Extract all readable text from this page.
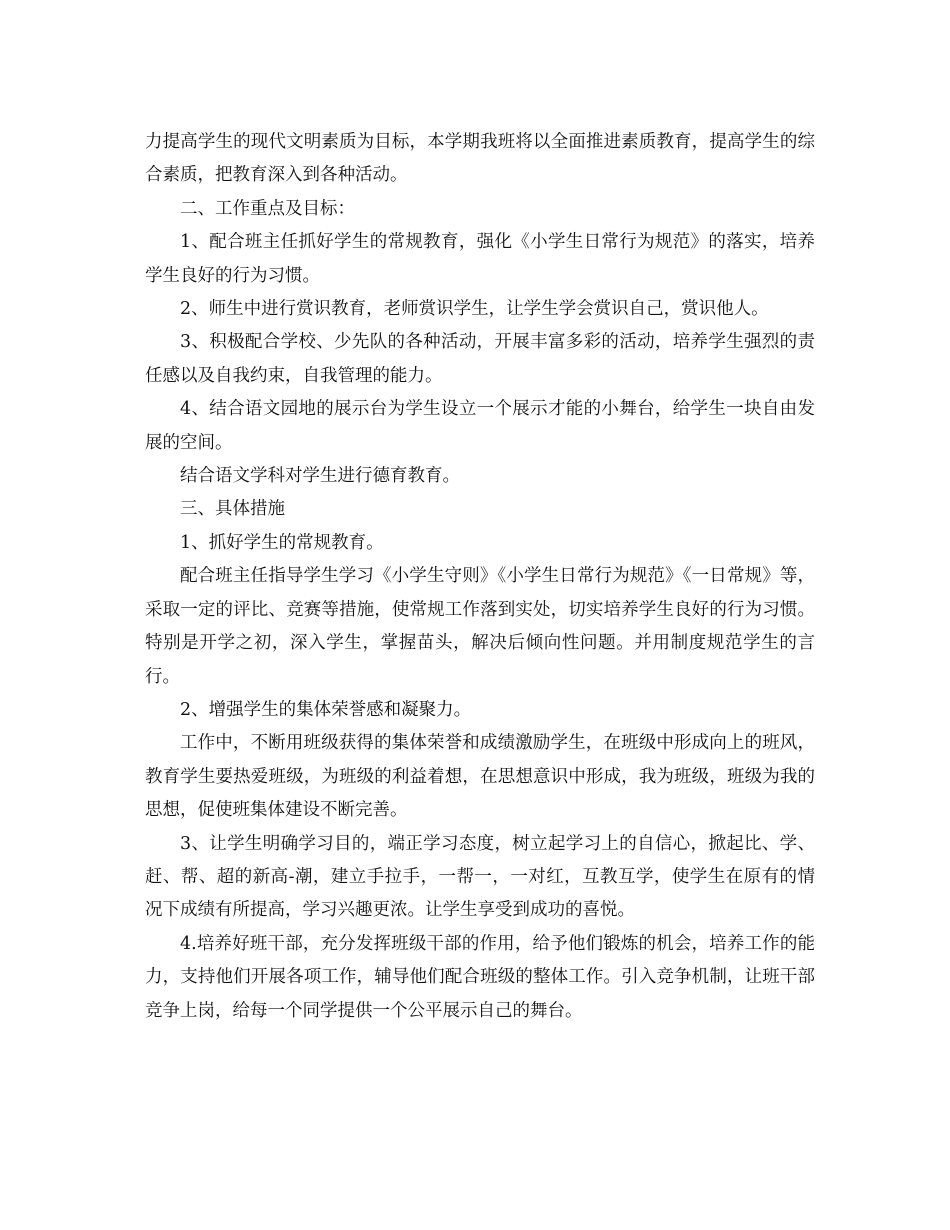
力提高学生的现代文明素质为目标，本学期我班将以全面推进素质教育，提高学生的综合素质，把教育深入到各种活动。

二、工作重点及目标：

1、配合班主任抓好学生的常规教育，强化《小学生日常行为规范》的落实，培养学生良好的行为习惯。

2、师生中进行赏识教育，老师赏识学生，让学生学会赏识自己，赏识他人。

3、积极配合学校、少先队的各种活动，开展丰富多彩的活动，培养学生强烈的责任感以及自我约束，自我管理的能力。

4、结合语文园地的展示台为学生设立一个展示才能的小舞台，给学生一块自由发展的空间。

结合语文学科对学生进行德育教育。

三、具体措施

1、抓好学生的常规教育。

配合班主任指导学生学习《小学生守则》《小学生日常行为规范》《一日常规》等，采取一定的评比、竞赛等措施，使常规工作落到实处，切实培养学生良好的行为习惯。特别是开学之初，深入学生，掌握苗头，解决后倾向性问题。并用制度规范学生的言行。

2、增强学生的集体荣誉感和凝聚力。

工作中，不断用班级获得的集体荣誉和成绩激励学生，在班级中形成向上的班风，教育学生要热爱班级，为班级的利益着想，在思想意识中形成，我为班级，班级为我的思想，促使班集体建设不断完善。

3、让学生明确学习目的，端正学习态度，树立起学习上的自信心，掀起比、学、赶、帮、超的新高-潮，建立手拉手，一帮一，一对红，互教互学，使学生在原有的情况下成绩有所提高，学习兴趣更浓。让学生享受到成功的喜悦。

4.培养好班干部，充分发挥班级干部的作用，给予他们锻炼的机会，培养工作的能力，支持他们开展各项工作，辅导他们配合班级的整体工作。引入竞争机制，让班干部竞争上岗，给每一个同学提供一个公平展示自己的舞台。
